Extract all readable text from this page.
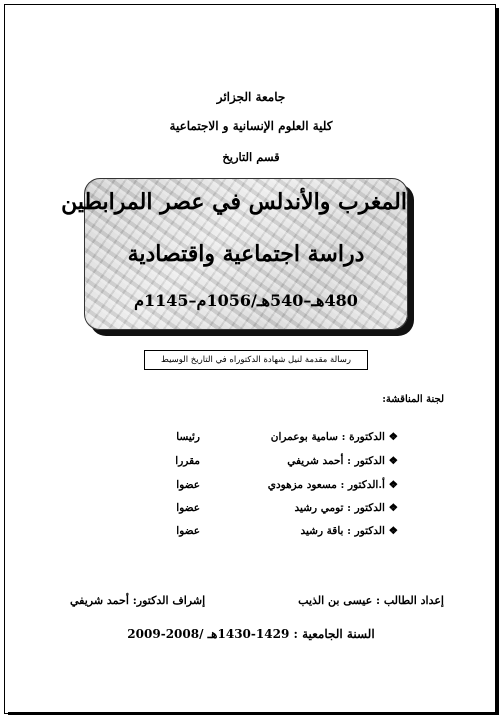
جامعة الجزائر
كلية العلوم الإنسانية و الاجتماعية
قسم التاريخ
المغرب والأندلس في عصر المرابطين
دراسة اجتماعية واقتصادية
480هـ–540هـ/1056م–1145م
رسالة مقدمة لنيل شهادة الدكتوراه في التاريخ الوسيط
لجنة المناقشة:
❖ الدكتورة : سامية بوعمران
رئيسا
❖ الدكتور : أحمد شريفي
مقررا
❖ أ.الدكتور : مسعود مزهودي
عضوا
❖ الدكتور : تومي رشيد
عضوا
❖ الدكتور : باقة رشيد
عضوا
إعداد الطالب : عيسى بن الذيب
إشراف الدكتور: أحمد شريفي
السنة الجامعية : 1429-1430هـ /2008-2009
